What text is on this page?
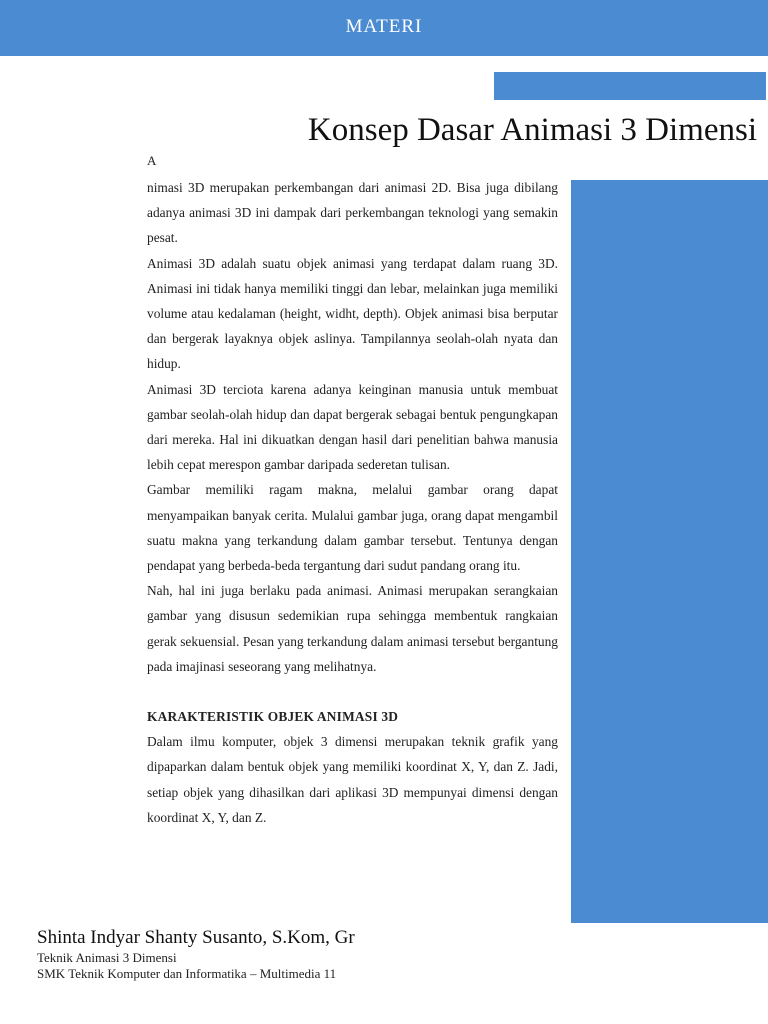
MATERI
Konsep Dasar Animasi 3 Dimensi
A

nimasi 3D merupakan perkembangan dari animasi 2D. Bisa juga dibilang adanya animasi 3D ini dampak dari perkembangan teknologi yang semakin pesat.

Animasi 3D adalah suatu objek animasi yang terdapat dalam ruang 3D. Animasi ini tidak hanya memiliki tinggi dan lebar, melainkan juga memiliki volume atau kedalaman (height, widht, depth). Objek animasi bisa berputar dan bergerak layaknya objek aslinya. Tampilannya seolah-olah nyata dan hidup.

Animasi 3D terciota karena adanya keinginan manusia untuk membuat gambar seolah-olah hidup dan dapat bergerak sebagai bentuk pengungkapan dari mereka. Hal ini dikuatkan dengan hasil dari penelitian bahwa manusia lebih cepat merespon gambar daripada sederetan tulisan.

Gambar memiliki ragam makna, melalui gambar orang dapat menyampaikan banyak cerita. Mulalui gambar juga, orang dapat mengambil suatu makna yang terkandung dalam gambar tersebut. Tentunya dengan pendapat yang berbeda-beda tergantung dari sudut pandang orang itu.

Nah, hal ini juga berlaku pada animasi. Animasi merupakan serangkaian gambar yang disusun sedemikian rupa sehingga membentuk rangkaian gerak sekuensial. Pesan yang terkandung dalam animasi tersebut bergantung pada imajinasi seseorang yang melihatnya.

KARAKTERISTIK OBJEK ANIMASI 3D

Dalam ilmu komputer, objek 3 dimensi merupakan teknik grafik yang dipaparkan dalam bentuk objek yang memiliki koordinat X, Y, dan Z. Jadi, setiap objek yang dihasilkan dari aplikasi 3D mempunyai dimensi dengan koordinat X, Y, dan Z.

Shinta Indyar Shanty Susanto, S.Kom, Gr
Teknik Animasi 3 Dimensi
SMK Teknik Komputer dan Informatika – Multimedia 11
